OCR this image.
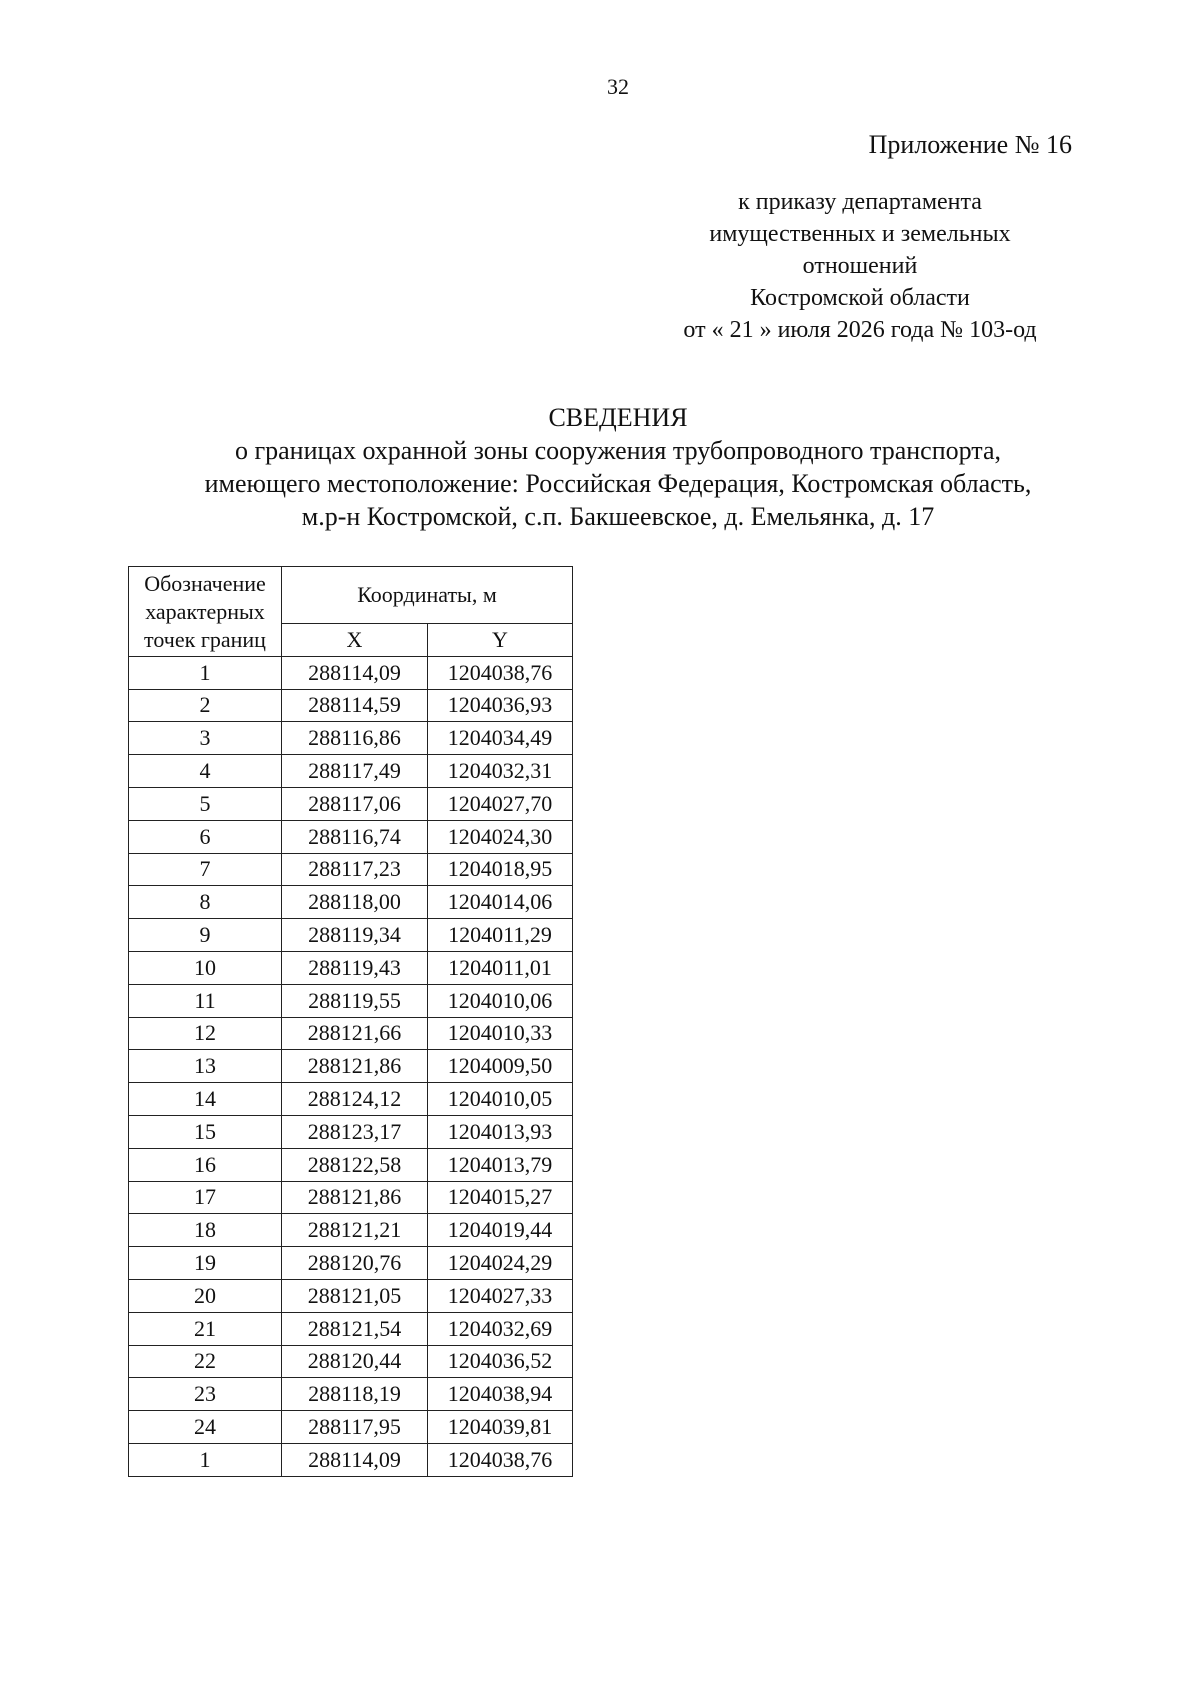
32
Приложение № 16
к приказу департамента
имущественных и земельных
отношений
Костромской области
от « 21 » июля 2026 года № 103-од
СВЕДЕНИЯ
о границах охранной зоны сооружения трубопроводного транспорта,
имеющего местоположение: Российская Федерация, Костромская область,
м.р-н Костромской, с.п. Бакшеевское, д. Емельянка, д. 17
Обозначение
характерных
точек границ	Координаты, м	
	X	Y
1	288114,09	1204038,76
2	288114,59	1204036,93
3	288116,86	1204034,49
4	288117,49	1204032,31
5	288117,06	1204027,70
6	288116,74	1204024,30
7	288117,23	1204018,95
8	288118,00	1204014,06
9	288119,34	1204011,29
10	288119,43	1204011,01
11	288119,55	1204010,06
12	288121,66	1204010,33
13	288121,86	1204009,50
14	288124,12	1204010,05
15	288123,17	1204013,93
16	288122,58	1204013,79
17	288121,86	1204015,27
18	288121,21	1204019,44
19	288120,76	1204024,29
20	288121,05	1204027,33
21	288121,54	1204032,69
22	288120,44	1204036,52
23	288118,19	1204038,94
24	288117,95	1204039,81
1	288114,09	1204038,76
